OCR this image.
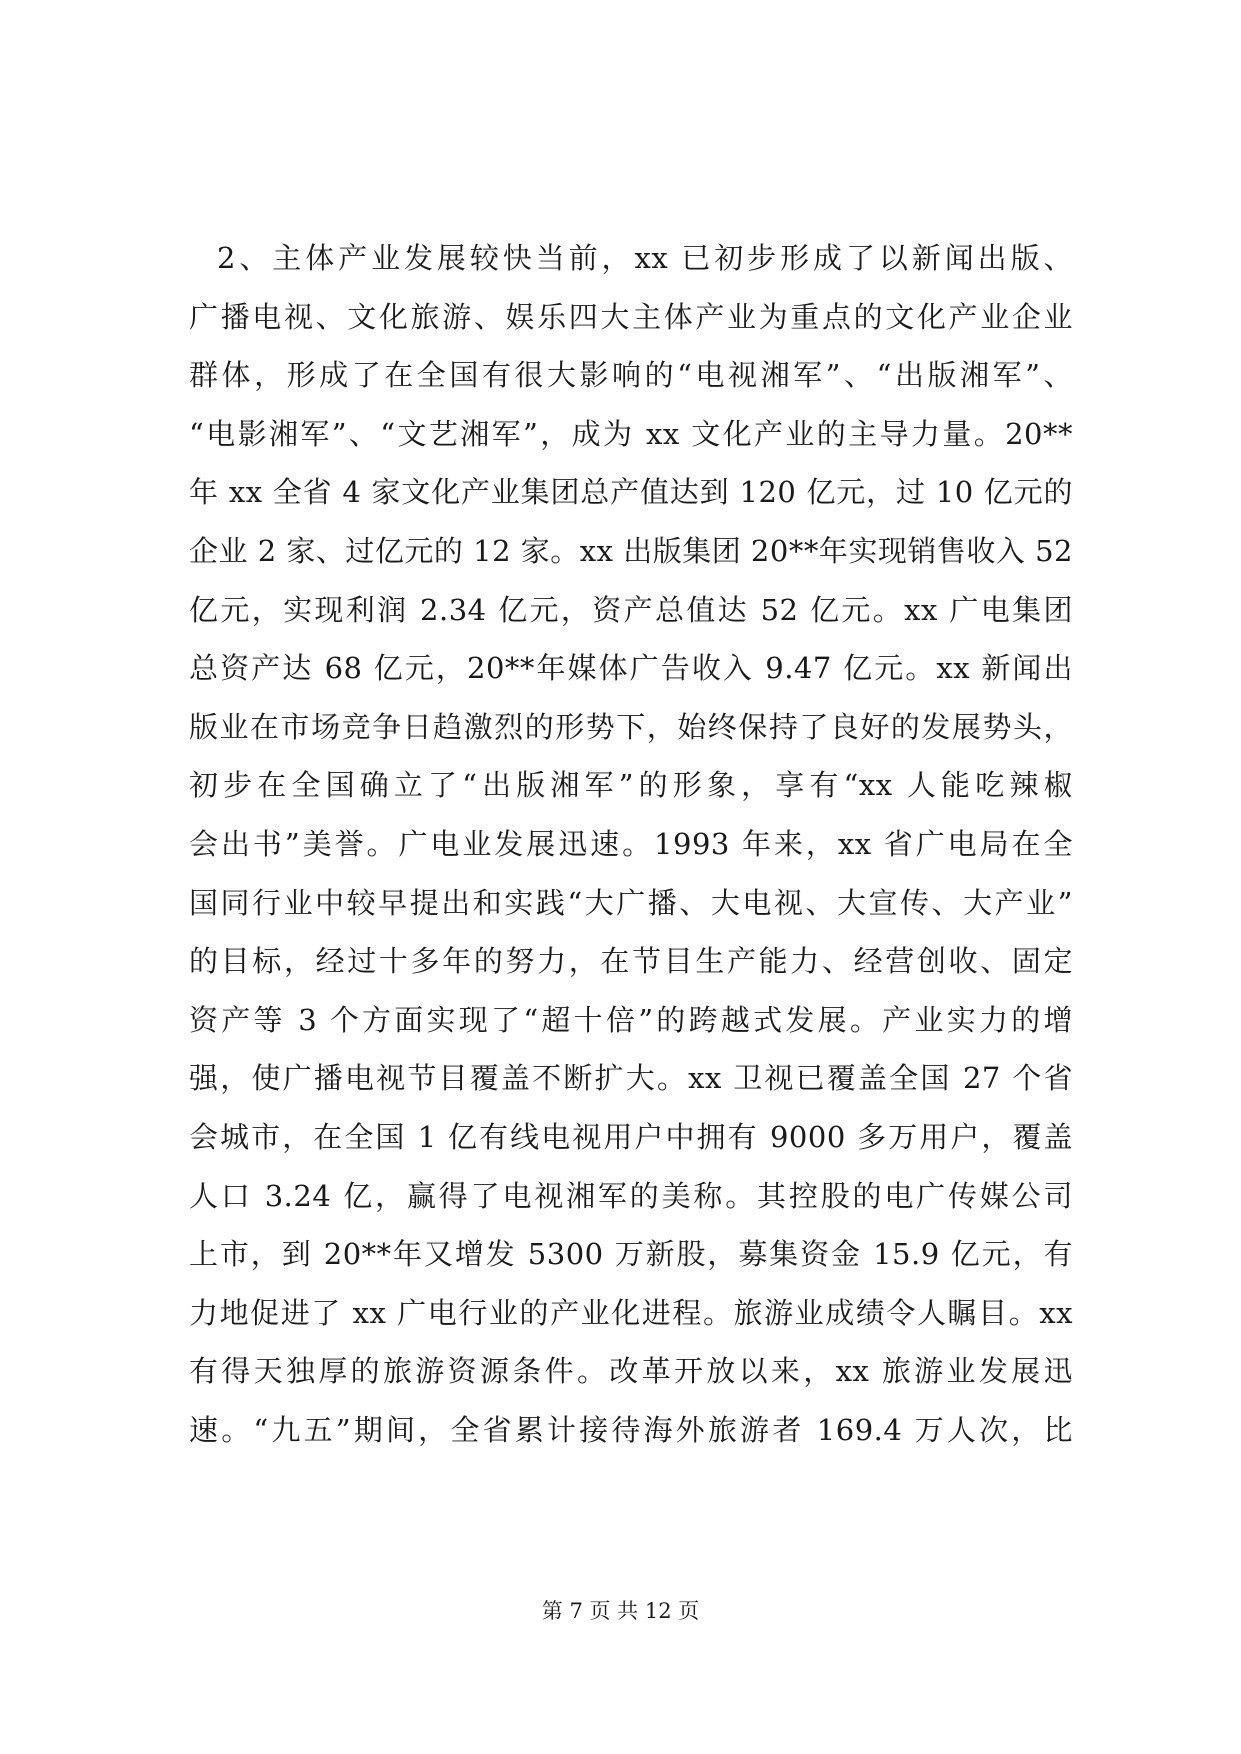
2、主体产业发展较快当前，xx 已初步形成了以新闻出版、
广播电视、文化旅游、娱乐四大主体产业为重点的文化产业企业
群体，形成了在全国有很大影响的“电视湘军”、“出版湘军”、
“电影湘军”、“文艺湘军”，成为 xx 文化产业的主导力量。20**
年 xx 全省 4 家文化产业集团总产值达到 120 亿元，过 10 亿元的
企业 2 家、过亿元的 12 家。xx 出版集团 20**年实现销售收入 52
亿元，实现利润 2.34 亿元，资产总值达 52 亿元。xx 广电集团
总资产达 68 亿元，20**年媒体广告收入 9.47 亿元。xx 新闻出
版业在市场竞争日趋激烈的形势下，始终保持了良好的发展势头，
初步在全国确立了“出版湘军”的形象，享有“xx 人能吃辣椒
会出书”美誉。广电业发展迅速。1993 年来，xx 省广电局在全
国同行业中较早提出和实践“大广播、大电视、大宣传、大产业”
的目标，经过十多年的努力，在节目生产能力、经营创收、固定
资产等 3 个方面实现了“超十倍”的跨越式发展。产业实力的增
强，使广播电视节目覆盖不断扩大。xx 卫视已覆盖全国 27 个省
会城市，在全国 1 亿有线电视用户中拥有 9000 多万用户，覆盖
人口 3.24 亿，赢得了电视湘军的美称。其控股的电广传媒公司
上市，到 20**年又增发 5300 万新股，募集资金 15.9 亿元，有
力地促进了 xx 广电行业的产业化进程。旅游业成绩令人瞩目。xx
有得天独厚的旅游资源条件。改革开放以来，xx 旅游业发展迅
速。“九五”期间，全省累计接待海外旅游者 169.4 万人次，比
第 7 页 共 12 页
